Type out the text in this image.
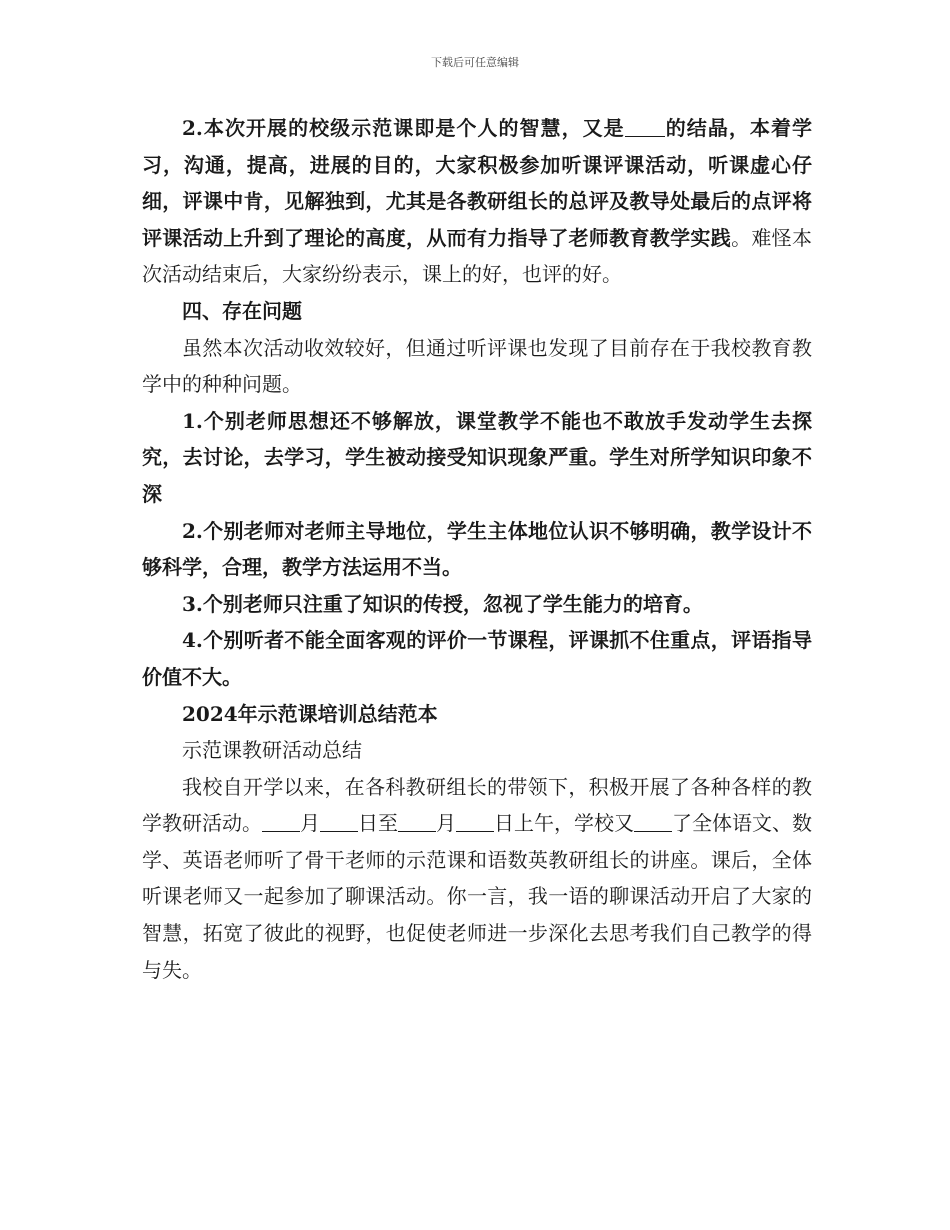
下载后可任意编辑

2.本次开展的校级示范课即是个人的智慧，又是 的结晶，本着学习，沟通，提高，进展的目的，大家积极参加听课评课活动，听课虚心仔细，评课中肯，见解独到，尤其是各教研组长的总评及教导处最后的点评将评课活动上升到了理论的高度，从而有力指导了老师教育教学实践。难怪本次活动结束后，大家纷纷表示，课上的好，也评的好。

四、存在问题

虽然本次活动收效较好，但通过听评课也发现了目前存在于我校教育教学中的种种问题。

1.个别老师思想还不够解放，课堂教学不能也不敢放手发动学生去探究，去讨论，去学习，学生被动接受知识现象严重。学生对所学知识印象不深

2.个别老师对老师主导地位，学生主体地位认识不够明确，教学设计不够科学，合理，教学方法运用不当。

3.个别老师只注重了知识的传授，忽视了学生能力的培育。

4.个别听者不能全面客观的评价一节课程，评课抓不住重点，评语指导价值不大。

2024年示范课培训总结范本

示范课教研活动总结

我校自开学以来，在各科教研组长的带领下，积极开展了各种各样的教学教研活动。 月 日至 月 日上午，学校又 了全体语文、数学、英语老师听了骨干老师的示范课和语数英教研组长的讲座。课后，全体听课老师又一起参加了聊课活动。你一言，我一语的聊课活动开启了大家的智慧，拓宽了彼此的视野，也促使老师进一步深化去思考我们自己教学的得与失。
